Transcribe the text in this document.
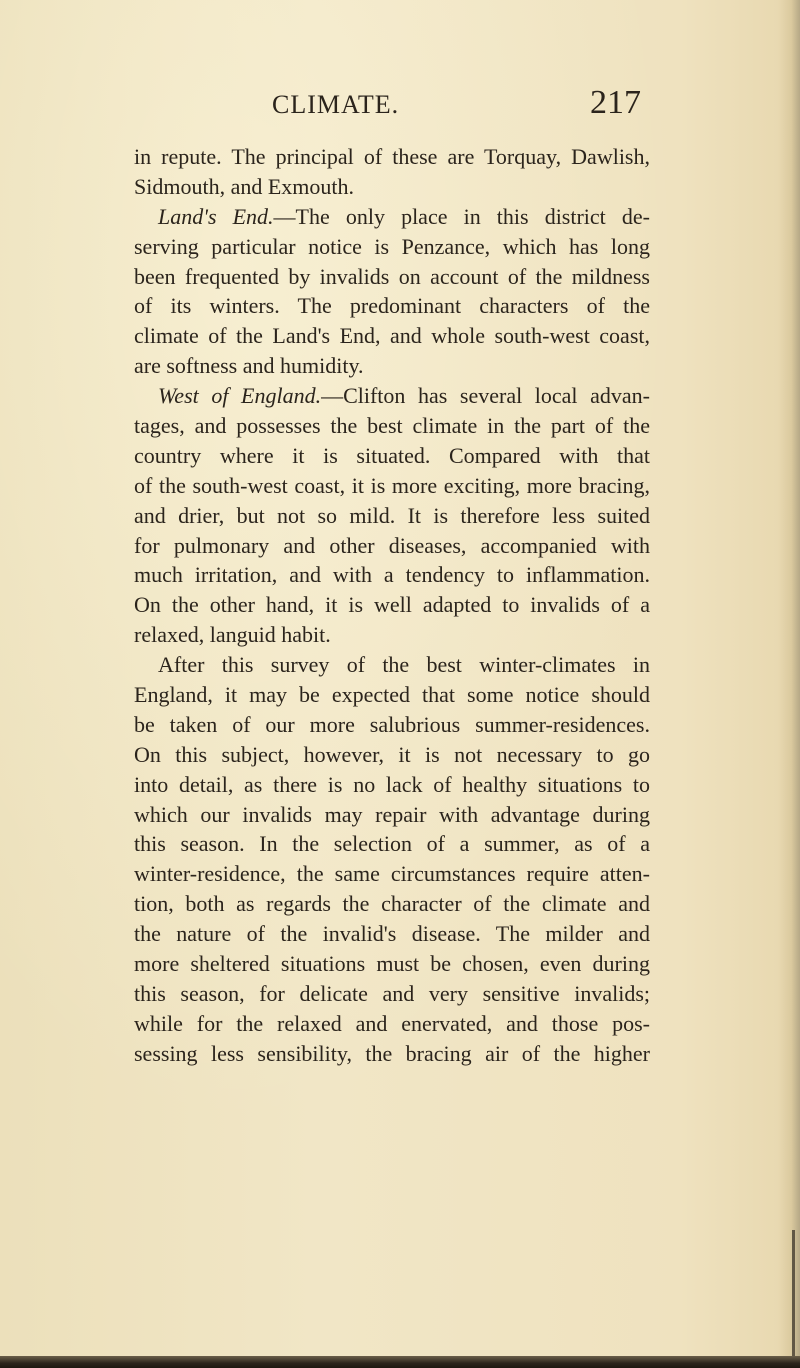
CLIMATE.	217
in repute. The principal of these are Torquay, Dawlish,
Sidmouth, and Exmouth.
Land's End.—The only place in this district de-
serving particular notice is Penzance, which has long
been frequented by invalids on account of the mildness
of its winters. The predominant characters of the
climate of the Land's End, and whole south-west coast,
are softness and humidity.
West of England.—Clifton has several local advan-
tages, and possesses the best climate in the part of the
country where it is situated. Compared with that
of the south-west coast, it is more exciting, more bracing,
and drier, but not so mild. It is therefore less suited
for pulmonary and other diseases, accompanied with
much irritation, and with a tendency to inflammation.
On the other hand, it is well adapted to invalids of a
relaxed, languid habit.
After this survey of the best winter-climates in
England, it may be expected that some notice should
be taken of our more salubrious summer-residences.
On this subject, however, it is not necessary to go
into detail, as there is no lack of healthy situations to
which our invalids may repair with advantage during
this season. In the selection of a summer, as of a
winter-residence, the same circumstances require atten-
tion, both as regards the character of the climate and
the nature of the invalid's disease. The milder and
more sheltered situations must be chosen, even during
this season, for delicate and very sensitive invalids;
while for the relaxed and enervated, and those pos-
sessing less sensibility, the bracing air of the higher
